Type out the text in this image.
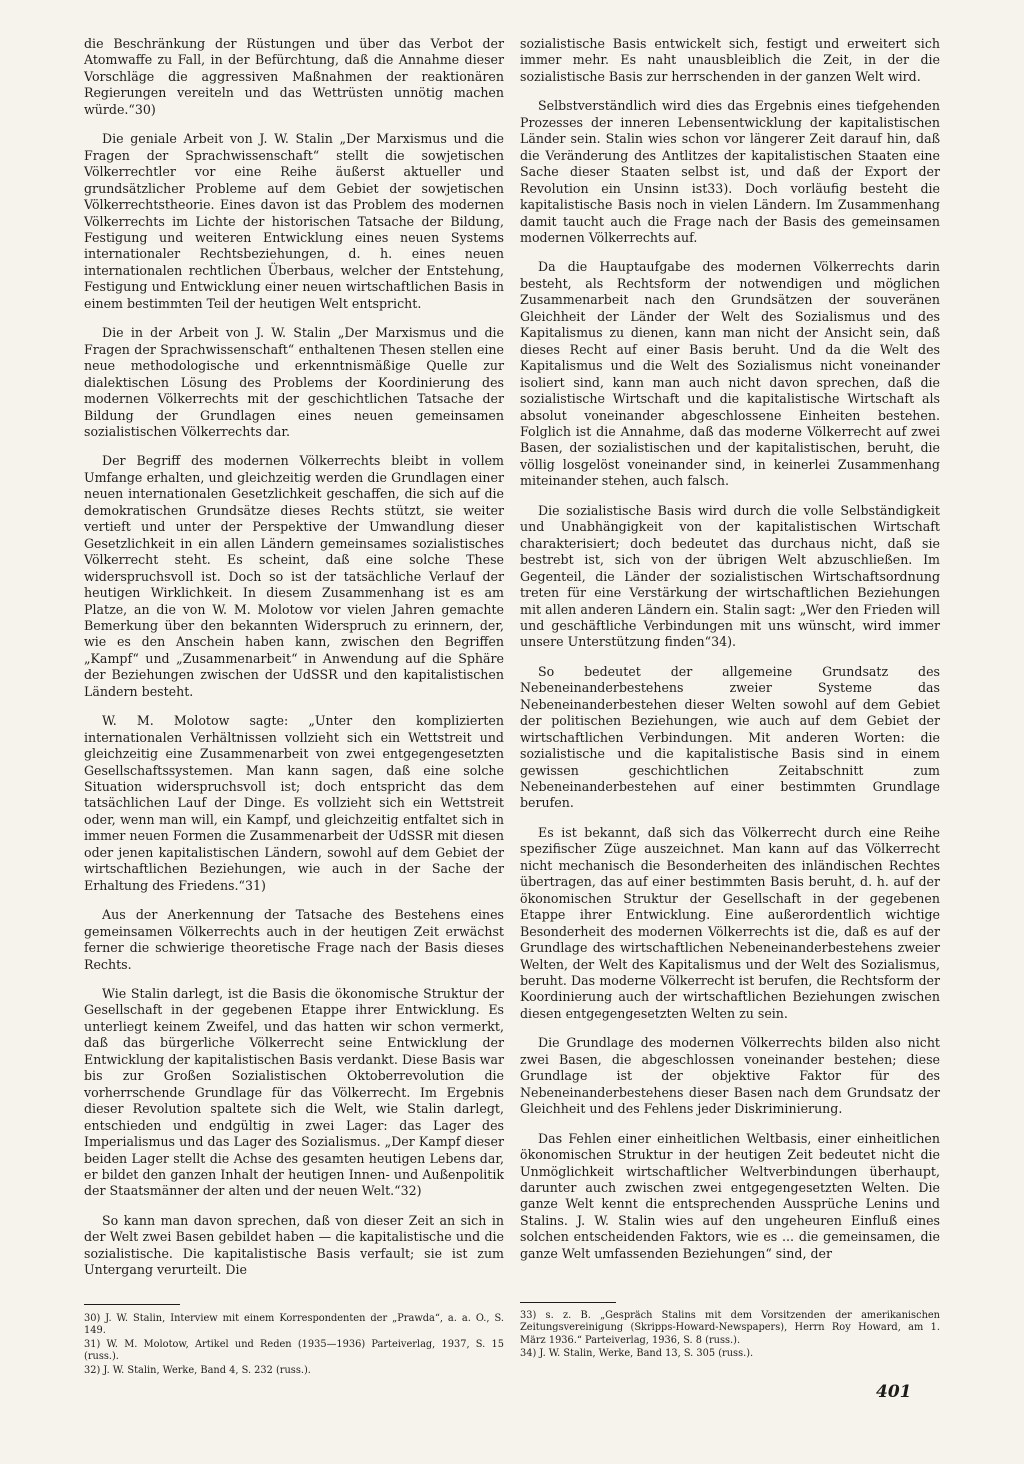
die Beschränkung der Rüstungen und über das Verbot der Atomwaffe zu Fall, in der Befürchtung, daß die Annahme dieser Vorschläge die aggressiven Maßnahmen der reaktionären Regierungen vereiteln und das Wettrüsten unnötig machen würde.“30)

Die geniale Arbeit von J. W. Stalin „Der Marxismus und die Fragen der Sprachwissenschaft“ stellt die sowjetischen Völkerrechtler vor eine Reihe äußerst aktueller und grundsätzlicher Probleme auf dem Gebiet der sowjetischen Völkerrechtstheorie. Eines davon ist das Problem des modernen Völkerrechts im Lichte der historischen Tatsache der Bildung, Festigung und weiteren Entwicklung eines neuen Systems internationaler Rechtsbeziehungen, d. h. eines neuen internationalen rechtlichen Überbaus, welcher der Entstehung, Festigung und Entwicklung einer neuen wirtschaftlichen Basis in einem bestimmten Teil der heutigen Welt entspricht.

Die in der Arbeit von J. W. Stalin „Der Marxismus und die Fragen der Sprachwissenschaft“ enthaltenen Thesen stellen eine neue methodologische und erkenntnismäßige Quelle zur dialektischen Lösung des Problems der Koordinierung des modernen Völkerrechts mit der geschichtlichen Tatsache der Bildung der Grundlagen eines neuen gemeinsamen sozialistischen Völkerrechts dar.

Der Begriff des modernen Völkerrechts bleibt in vollem Umfange erhalten, und gleichzeitig werden die Grundlagen einer neuen internationalen Gesetzlichkeit geschaffen, die sich auf die demokratischen Grundsätze dieses Rechts stützt, sie weiter vertieft und unter der Perspektive der Umwandlung dieser Gesetzlichkeit in ein allen Ländern gemeinsames sozialistisches Völkerrecht steht. Es scheint, daß eine solche These widerspruchsvoll ist. Doch so ist der tatsächliche Verlauf der heutigen Wirklichkeit. In diesem Zusammenhang ist es am Platze, an die von W. M. Molotow vor vielen Jahren gemachte Bemerkung über den bekannten Widerspruch zu erinnern, der, wie es den Anschein haben kann, zwischen den Begriffen „Kampf“ und „Zusammenarbeit“ in Anwendung auf die Sphäre der Beziehungen zwischen der UdSSR und den kapitalistischen Ländern besteht.

W. M. Molotow sagte: „Unter den komplizierten internationalen Verhältnissen vollzieht sich ein Wettstreit und gleichzeitig eine Zusammenarbeit von zwei entgegengesetzten Gesellschaftssystemen. Man kann sagen, daß eine solche Situation widerspruchsvoll ist; doch entspricht das dem tatsächlichen Lauf der Dinge. Es vollzieht sich ein Wettstreit oder, wenn man will, ein Kampf, und gleichzeitig entfaltet sich in immer neuen Formen die Zusammenarbeit der UdSSR mit diesen oder jenen kapitalistischen Ländern, sowohl auf dem Gebiet der wirtschaftlichen Beziehungen, wie auch in der Sache der Erhaltung des Friedens.“31)

Aus der Anerkennung der Tatsache des Bestehens eines gemeinsamen Völkerrechts auch in der heutigen Zeit erwächst ferner die schwierige theoretische Frage nach der Basis dieses Rechts.

Wie Stalin darlegt, ist die Basis die ökonomische Struktur der Gesellschaft in der gegebenen Etappe ihrer Entwicklung. Es unterliegt keinem Zweifel, und das hatten wir schon vermerkt, daß das bürgerliche Völkerrecht seine Entwicklung der Entwicklung der kapitalistischen Basis verdankt. Diese Basis war bis zur Großen Sozialistischen Oktoberrevolution die vorherrschende Grundlage für das Völkerrecht. Im Ergebnis dieser Revolution spaltete sich die Welt, wie Stalin darlegt, entschieden und endgültig in zwei Lager: das Lager des Imperialismus und das Lager des Sozialismus. „Der Kampf dieser beiden Lager stellt die Achse des gesamten heutigen Lebens dar, er bildet den ganzen Inhalt der heutigen Innen- und Außenpolitik der Staatsmänner der alten und der neuen Welt.“32)

So kann man davon sprechen, daß von dieser Zeit an sich in der Welt zwei Basen gebildet haben — die kapitalistische und die sozialistische. Die kapitalistische Basis verfault; sie ist zum Untergang verurteilt. Die

sozialistische Basis entwickelt sich, festigt und erweitert sich immer mehr. Es naht unausbleiblich die Zeit, in der die sozialistische Basis zur herrschenden in der ganzen Welt wird.

Selbstverständlich wird dies das Ergebnis eines tiefgehenden Prozesses der inneren Lebensentwicklung der kapitalistischen Länder sein. Stalin wies schon vor längerer Zeit darauf hin, daß die Veränderung des Antlitzes der kapitalistischen Staaten eine Sache dieser Staaten selbst ist, und daß der Export der Revolution ein Unsinn ist33). Doch vorläufig besteht die kapitalistische Basis noch in vielen Ländern. Im Zusammenhang damit taucht auch die Frage nach der Basis des gemeinsamen modernen Völkerrechts auf.

Da die Hauptaufgabe des modernen Völkerrechts darin besteht, als Rechtsform der notwendigen und möglichen Zusammenarbeit nach den Grundsätzen der souveränen Gleichheit der Länder der Welt des Sozialismus und des Kapitalismus zu dienen, kann man nicht der Ansicht sein, daß dieses Recht auf einer Basis beruht. Und da die Welt des Kapitalismus und die Welt des Sozialismus nicht voneinander isoliert sind, kann man auch nicht davon sprechen, daß die sozialistische Wirtschaft und die kapitalistische Wirtschaft als absolut voneinander abgeschlossene Einheiten bestehen. Folglich ist die Annahme, daß das moderne Völkerrecht auf zwei Basen, der sozialistischen und der kapitalistischen, beruht, die völlig losgelöst voneinander sind, in keinerlei Zusammenhang miteinander stehen, auch falsch.

Die sozialistische Basis wird durch die volle Selbständigkeit und Unabhängigkeit von der kapitalistischen Wirtschaft charakterisiert; doch bedeutet das durchaus nicht, daß sie bestrebt ist, sich von der übrigen Welt abzuschließen. Im Gegenteil, die Länder der sozialistischen Wirtschaftsordnung treten für eine Verstärkung der wirtschaftlichen Beziehungen mit allen anderen Ländern ein. Stalin sagt: „Wer den Frieden will und geschäftliche Verbindungen mit uns wünscht, wird immer unsere Unterstützung finden“34).

So bedeutet der allgemeine Grundsatz des Nebeneinanderbestehens zweier Systeme das Nebeneinanderbestehen dieser Welten sowohl auf dem Gebiet der politischen Beziehungen, wie auch auf dem Gebiet der wirtschaftlichen Verbindungen. Mit anderen Worten: die sozialistische und die kapitalistische Basis sind in einem gewissen geschichtlichen Zeitabschnitt zum Nebeneinanderbestehen auf einer bestimmten Grundlage berufen.

Es ist bekannt, daß sich das Völkerrecht durch eine Reihe spezifischer Züge auszeichnet. Man kann auf das Völkerrecht nicht mechanisch die Besonderheiten des inländischen Rechtes übertragen, das auf einer bestimmten Basis beruht, d. h. auf der ökonomischen Struktur der Gesellschaft in der gegebenen Etappe ihrer Entwicklung. Eine außerordentlich wichtige Besonderheit des modernen Völkerrechts ist die, daß es auf der Grundlage des wirtschaftlichen Nebeneinanderbestehens zweier Welten, der Welt des Kapitalismus und der Welt des Sozialismus, beruht. Das moderne Völkerrecht ist berufen, die Rechtsform der Koordinierung auch der wirtschaftlichen Beziehungen zwischen diesen entgegengesetzten Welten zu sein.

Die Grundlage des modernen Völkerrechts bilden also nicht zwei Basen, die abgeschlossen voneinander bestehen; diese Grundlage ist der objektive Faktor für des Nebeneinanderbestehens dieser Basen nach dem Grundsatz der Gleichheit und des Fehlens jeder Diskriminierung.

Das Fehlen einer einheitlichen Weltbasis, einer einheitlichen ökonomischen Struktur in der heutigen Zeit bedeutet nicht die Unmöglichkeit wirtschaftlicher Weltverbindungen überhaupt, darunter auch zwischen zwei entgegengesetzten Welten. Die ganze Welt kennt die entsprechenden Aussprüche Lenins und Stalins. J. W. Stalin wies auf den ungeheuren Einfluß eines solchen entscheidenden Faktors, wie es ... die gemeinsamen, die ganze Welt umfassenden Beziehungen“ sind, der

30) J. W. Stalin, Interview mit einem Korrespondenten der „Prawda“, a. a. O., S. 149.

31) W. M. Molotow, Artikel und Reden (1935—1936) Parteiverlag, 1937, S. 15 (russ.).

32) J. W. Stalin, Werke, Band 4, S. 232 (russ.).

33) s. z. B. „Gespräch Stalins mit dem Vorsitzenden der amerikanischen Zeitungsvereinigung (Skripps-Howard-Newspapers), Herrn Roy Howard, am 1. März 1936.“ Parteiverlag, 1936, S. 8 (russ.).

34) J. W. Stalin, Werke, Band 13, S. 305 (russ.).

401
